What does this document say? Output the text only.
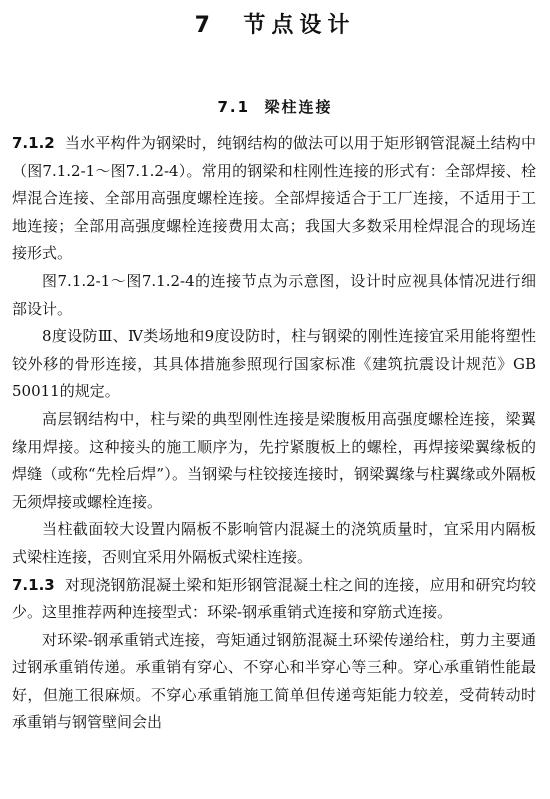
7 节点设计
7.1 梁柱连接

7.1.2 当水平构件为钢梁时，纯钢结构的做法可以用于矩形钢管混凝土结构中（图7.1.2-1～图7.1.2-4）。常用的钢梁和柱刚性连接的形式有：全部焊接、栓焊混合连接、全部用高强度螺栓连接。全部焊接适合于工厂连接，不适用于工地连接；全部用高强度螺栓连接费用太高；我国大多数采用栓焊混合的现场连接形式。

图7.1.2-1～图7.1.2-4的连接节点为示意图，设计时应视具体情况进行细部设计。

8度设防Ⅲ、Ⅳ类场地和9度设防时，柱与钢梁的刚性连接宜采用能将塑性铰外移的骨形连接，其具体措施参照现行国家标准《建筑抗震设计规范》GB 50011的规定。

高层钢结构中，柱与梁的典型刚性连接是梁腹板用高强度螺栓连接，梁翼缘用焊接。这种接头的施工顺序为，先拧紧腹板上的螺栓，再焊接梁翼缘板的焊缝（或称“先栓后焊”）。当钢梁与柱铰接连接时，钢梁翼缘与柱翼缘或外隔板无须焊接或螺栓连接。

当柱截面较大设置内隔板不影响管内混凝土的浇筑质量时，宜采用内隔板式梁柱连接，否则宜采用外隔板式梁柱连接。

7.1.3 对现浇钢筋混凝土梁和矩形钢管混凝土柱之间的连接，应用和研究均较少。这里推荐两种连接型式：环梁-钢承重销式连接和穿筋式连接。

对环梁-钢承重销式连接，弯矩通过钢筋混凝土环梁传递给柱，剪力主要通过钢承重销传递。承重销有穿心、不穿心和半穿心等三种。穿心承重销性能最好，但施工很麻烦。不穿心承重销施工简单但传递弯矩能力较差，受荷转动时承重销与钢管壁间会出
